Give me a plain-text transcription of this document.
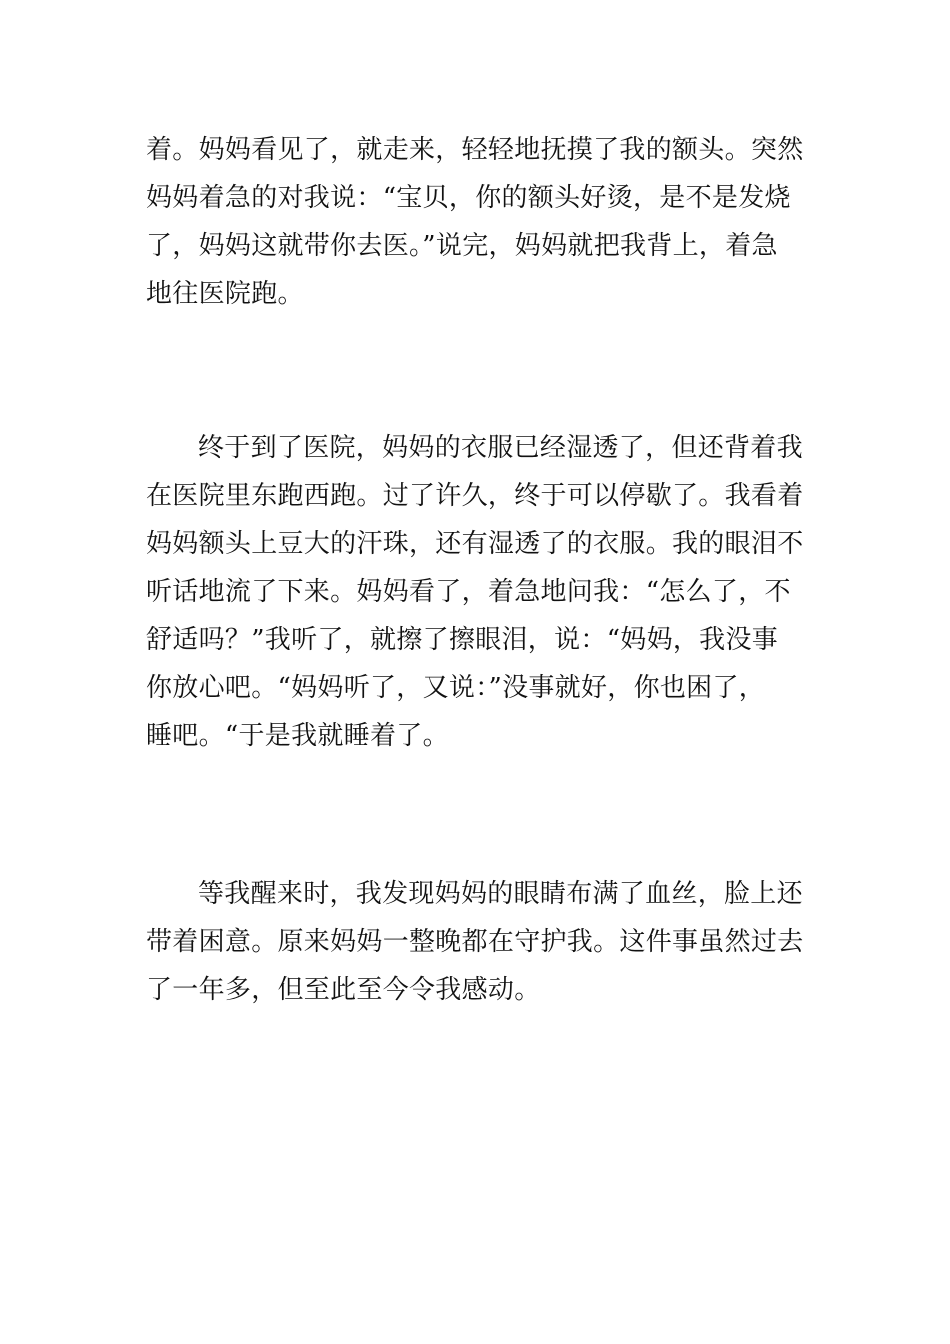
着。妈妈看见了，就走来，轻轻地抚摸了我的额头。突然
妈妈着急的对我说：“宝贝，你的额头好烫，是不是发烧
了，妈妈这就带你去医。”说完，妈妈就把我背上，着急
地往医院跑。
终于到了医院，妈妈的衣服已经湿透了，但还背着我
在医院里东跑西跑。过了许久，终于可以停歇了。我看着
妈妈额头上豆大的汗珠，还有湿透了的衣服。我的眼泪不
听话地流了下来。妈妈看了，着急地问我：“怎么了，不
舒适吗？”我听了，就擦了擦眼泪，说：“妈妈，我没事
你放心吧。“妈妈听了，又说：”没事就好，你也困了，
睡吧。“于是我就睡着了。
等我醒来时，我发现妈妈的眼睛布满了血丝，脸上还
带着困意。原来妈妈一整晚都在守护我。这件事虽然过去
了一年多，但至此至今令我感动。
